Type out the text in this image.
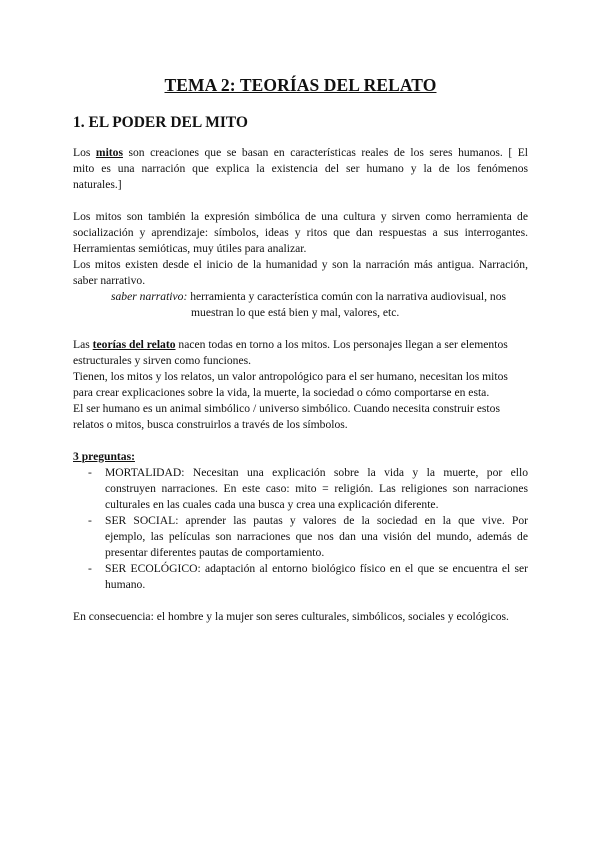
TEMA 2: TEORÍAS DEL RELATO
1. EL PODER DEL MITO
Los mitos son creaciones que se basan en características reales de los seres humanos. [ El
mito es una narración que explica la existencia del ser humano y la de los fenómenos
naturales.]
Los mitos son también la expresión simbólica de una cultura y sirven como herramienta de
socialización y aprendizaje: símbolos, ideas y ritos que dan respuestas a sus interrogantes.
Herramientas semióticas, muy útiles para analizar.
Los mitos existen desde el inicio de la humanidad y son la narración más antigua. Narración,
saber narrativo.
saber narrativo: herramienta y característica común con la narrativa audiovisual, nos
muestran lo que está bien y mal, valores, etc.
Las teorías del relato nacen todas en torno a los mitos. Los personajes llegan a ser elementos
estructurales y sirven como funciones.
Tienen, los mitos y los relatos, un valor antropológico para el ser humano, necesitan los mitos
para crear explicaciones sobre la vida, la muerte, la sociedad o cómo comportarse en esta.
El ser humano es un animal simbólico / universo simbólico. Cuando necesita construir estos
relatos o mitos, busca construirlos a través de los símbolos.
3 preguntas:
- MORTALIDAD: Necesitan una explicación sobre la vida y la muerte, por ello
construyen narraciones. En este caso: mito = religión. Las religiones son narraciones
culturales en las cuales cada una busca y crea una explicación diferente.
- SER SOCIAL: aprender las pautas y valores de la sociedad en la que vive. Por
ejemplo, las películas son narraciones que nos dan una visión del mundo, además de
presentar diferentes pautas de comportamiento.
- SER ECOLÓGICO: adaptación al entorno biológico físico en el que se encuentra el ser
humano.
En consecuencia: el hombre y la mujer son seres culturales, simbólicos, sociales y ecológicos.
